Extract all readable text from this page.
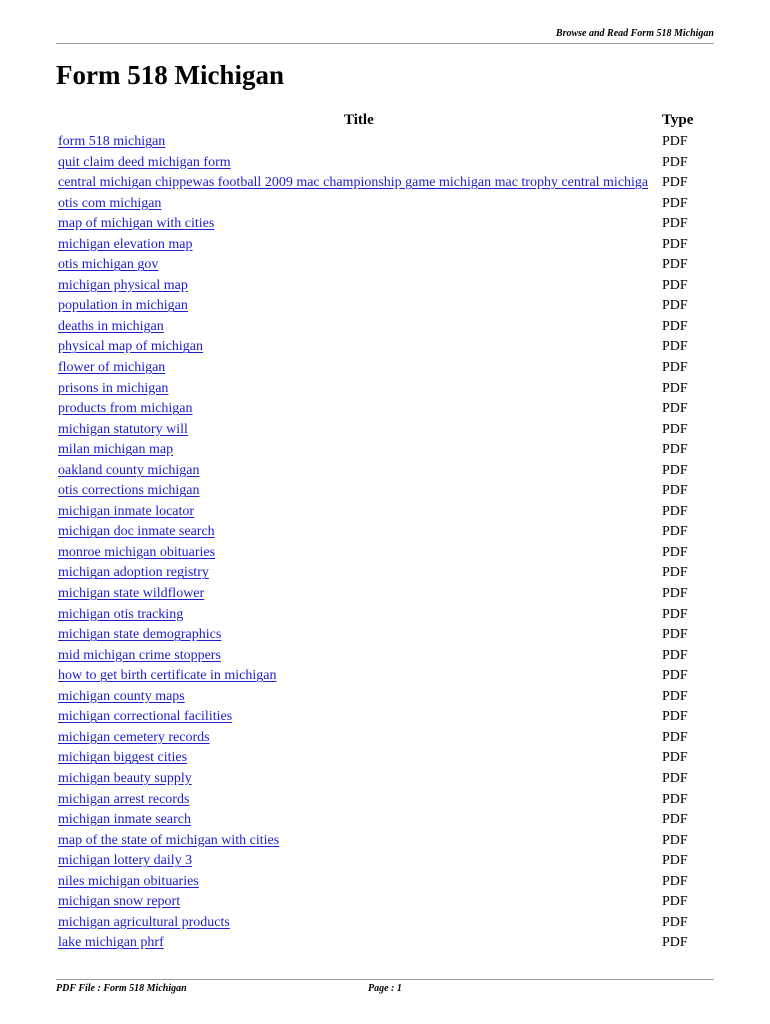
Browse and Read Form 518 Michigan
Form 518 Michigan
Title	Type
form 518 michigan	PDF
quit claim deed michigan form	PDF
central michigan chippewas football 2009 mac championship game michigan mac trophy central michiga PDF
otis com michigan	PDF
map of michigan with cities	PDF
michigan elevation map	PDF
otis michigan gov	PDF
michigan physical map	PDF
population in michigan	PDF
deaths in michigan	PDF
physical map of michigan	PDF
flower of michigan	PDF
prisons in michigan	PDF
products from michigan	PDF
michigan statutory will	PDF
milan michigan map	PDF
oakland county michigan	PDF
otis corrections michigan	PDF
michigan inmate locator	PDF
michigan doc inmate search	PDF
monroe michigan obituaries	PDF
michigan adoption registry	PDF
michigan state wildflower	PDF
michigan otis tracking	PDF
michigan state demographics	PDF
mid michigan crime stoppers	PDF
how to get birth certificate in michigan	PDF
michigan county maps	PDF
michigan correctional facilities	PDF
michigan cemetery records	PDF
michigan biggest cities	PDF
michigan beauty supply	PDF
michigan arrest records	PDF
michigan inmate search	PDF
map of the state of michigan with cities	PDF
michigan lottery daily 3	PDF
niles michigan obituaries	PDF
michigan snow report	PDF
michigan agricultural products	PDF
lake michigan phrf	PDF
PDF File : Form 518 Michigan	Page : 1
